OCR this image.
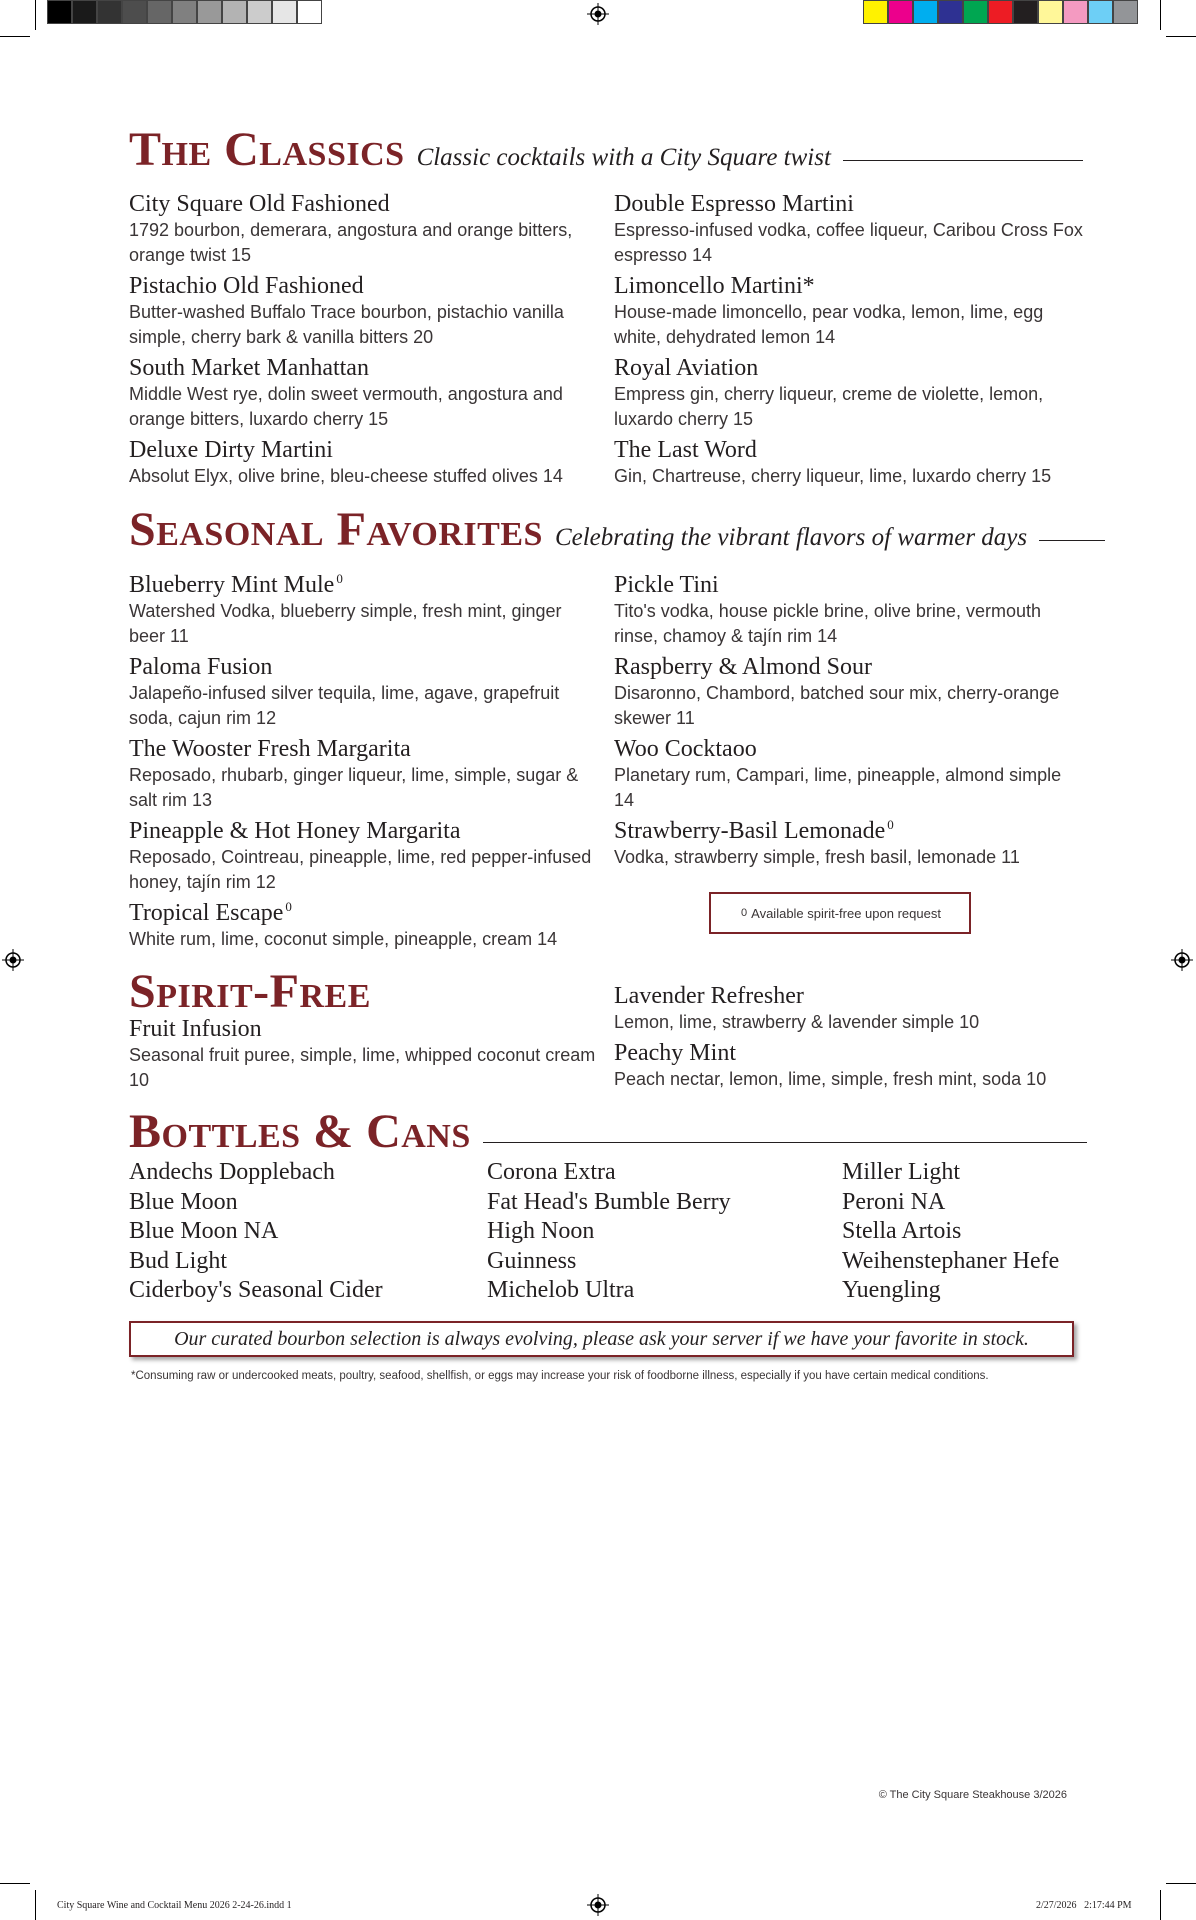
The Classics Classic cocktails with a City Square twist
City Square Old Fashioned
1792 bourbon, demerara, angostura and orange bitters, orange twist 15
Pistachio Old Fashioned
Butter-washed Buffalo Trace bourbon, pistachio vanilla simple, cherry bark & vanilla bitters 20
South Market Manhattan
Middle West rye, dolin sweet vermouth, angostura and orange bitters, luxardo cherry 15
Deluxe Dirty Martini
Absolut Elyx, olive brine, bleu-cheese stuffed olives 14
Double Espresso Martini
Espresso-infused vodka, coffee liqueur, Caribou Cross Fox espresso 14
Limoncello Martini*
House-made limoncello, pear vodka, lemon, lime, egg white, dehydrated lemon 14
Royal Aviation
Empress gin, cherry liqueur, creme de violette, lemon, luxardo cherry 15
The Last Word
Gin, Chartreuse, cherry liqueur, lime, luxardo cherry 15
Seasonal Favorites Celebrating the vibrant flavors of warmer days
Blueberry Mint Mule $^0$
Watershed Vodka, blueberry simple, fresh mint, ginger beer 11
Paloma Fusion
Jalapeño-infused silver tequila, lime, agave, grapefruit soda, cajun rim 12
The Wooster Fresh Margarita
Reposado, rhubarb, ginger liqueur, lime, simple, sugar & salt rim 13
Pineapple & Hot Honey Margarita
Reposado, Cointreau, pineapple, lime, red pepper-infused honey, tajín rim 12
Tropical Escape $^0$
White rum, lime, coconut simple, pineapple, cream 14
Pickle Tini
Tito's vodka, house pickle brine, olive brine, vermouth rinse, chamoy & tajín rim 14
Raspberry & Almond Sour
Disaronno, Chambord, batched sour mix, cherry-orange skewer 11
Woo Cocktaoo
Planetary rum, Campari, lime, pineapple, almond simple 14
Strawberry-Basil Lemonade $^0$
Vodka, strawberry simple, fresh basil, lemonade 11
0 Available spirit-free upon request
Spirit-Free
Fruit Infusion
Seasonal fruit puree, simple, lime, whipped coconut cream 10
Lavender Refresher
Lemon, lime, strawberry & lavender simple 10
Peachy Mint
Peach nectar, lemon, lime, simple, fresh mint, soda 10
Bottles & Cans
Andechs Dopplebach
Blue Moon
Blue Moon NA
Bud Light
Ciderboy's Seasonal Cider
Corona Extra
Fat Head's Bumble Berry
High Noon
Guinness
Michelob Ultra
Miller Light
Peroni NA
Stella Artois
Weihenstephaner Hefe
Yuengling
Our curated bourbon selection is always evolving, please ask your server if we have your favorite in stock.
*Consuming raw or undercooked meats, poultry, seafood, shellfish, or eggs may increase your risk of foodborne illness, especially if you have certain medical conditions.
© The City Square Steakhouse 3/2026
City Square Wine and Cocktail Menu 2026 2-24-26.indd 1	2/27/2026 2:17:44 PM
